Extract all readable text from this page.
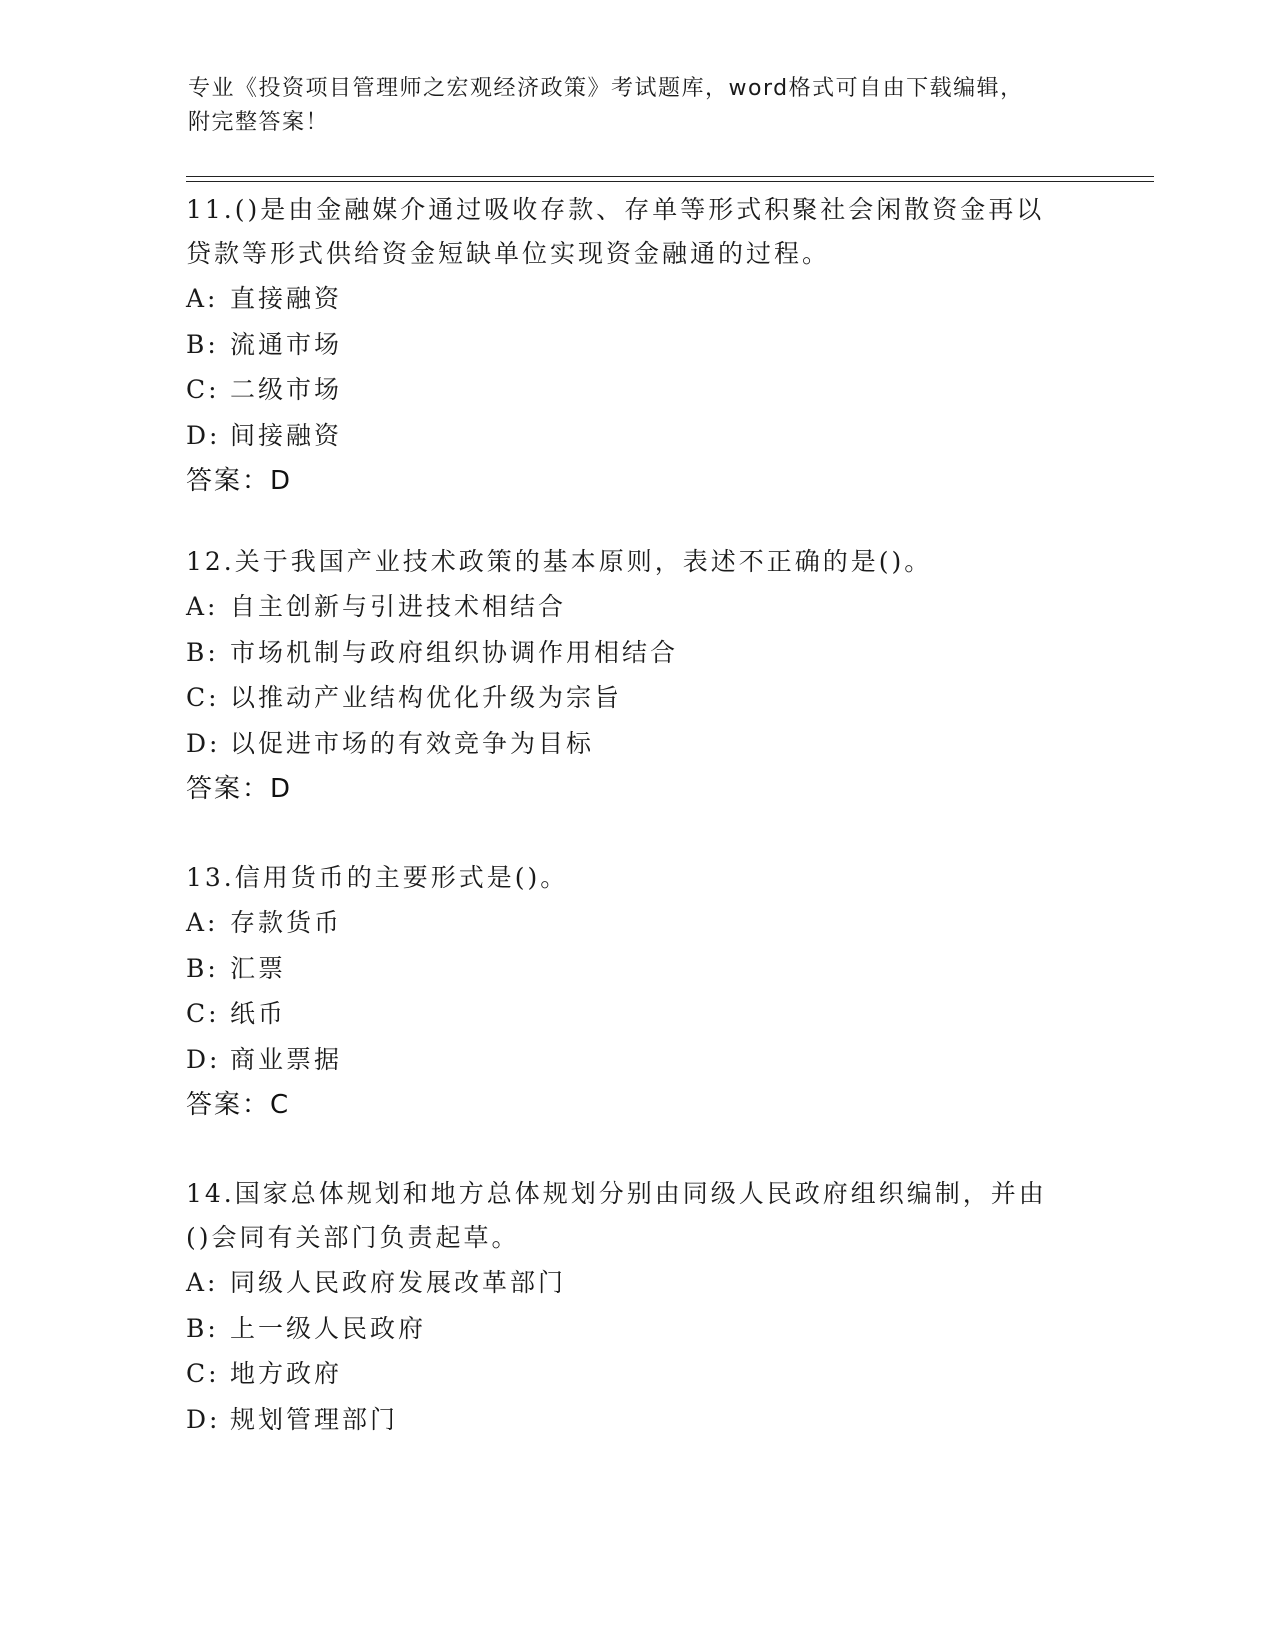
专业《投资项目管理师之宏观经济政策》考试题库，word格式可自由下载编辑，
附完整答案！
11.()是由金融媒介通过吸收存款、存单等形式积聚社会闲散资金再以
贷款等形式供给资金短缺单位实现资金融通的过程。
A: 直接融资
B: 流通市场
C: 二级市场
D: 间接融资
答案：D
12.关于我国产业技术政策的基本原则，表述不正确的是()。
A: 自主创新与引进技术相结合
B: 市场机制与政府组织协调作用相结合
C: 以推动产业结构优化升级为宗旨
D: 以促进市场的有效竞争为目标
答案：D
13.信用货币的主要形式是()。
A: 存款货币
B: 汇票
C: 纸币
D: 商业票据
答案：C
14.国家总体规划和地方总体规划分别由同级人民政府组织编制，并由
()会同有关部门负责起草。
A: 同级人民政府发展改革部门
B: 上一级人民政府
C: 地方政府
D: 规划管理部门
